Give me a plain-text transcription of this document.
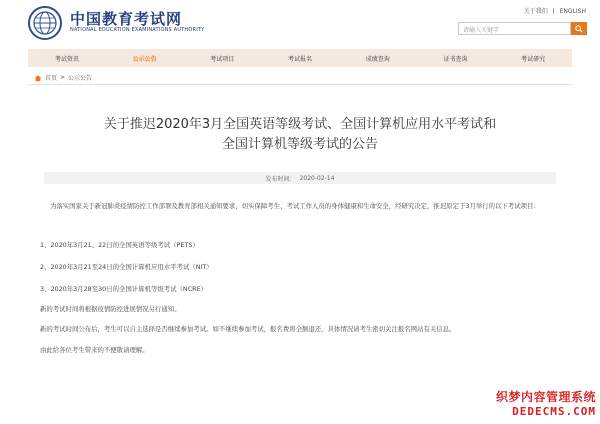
中国教育考试网
NATIONAL EDUCATION EXAMINATIONS AUTHORITY
关于我们 | ENGLISH
请输入关键字
考试资讯	公示公告	考试项目	考试报名	成绩查询	证书查询	考试研究
首页 > 公示公告
关于推迟2020年3月全国英语等级考试、全国计算机应用水平考试和
全国计算机等级考试的公告
发布时间： 2020-02-14
为落实国家关于新冠肺炎疫情防控工作部署及教育部相关通知要求，切实保障考生、考试工作人员的身体健康和生命安全，经研究决定，推迟原定于3月举行的以下考试项目：
1、2020年3月21、22日的全国英语等级考试（PETS）
2、2020年3月21至24日的全国计算机应用水平考试（NIT）
3、2020年3月28至30日的全国计算机等级考试（NCRE）
新的考试时间将根据疫情防控进展情况另行通知。
新的考试时间公布后，考生可以自主选择是否继续参加考试。如不继续参加考试，报名费将全额退还，具体情况请考生密切关注报名网站有关信息。
由此给各位考生带来的不便敬请理解。
织梦内容管理系统
DEDECMS.COM
